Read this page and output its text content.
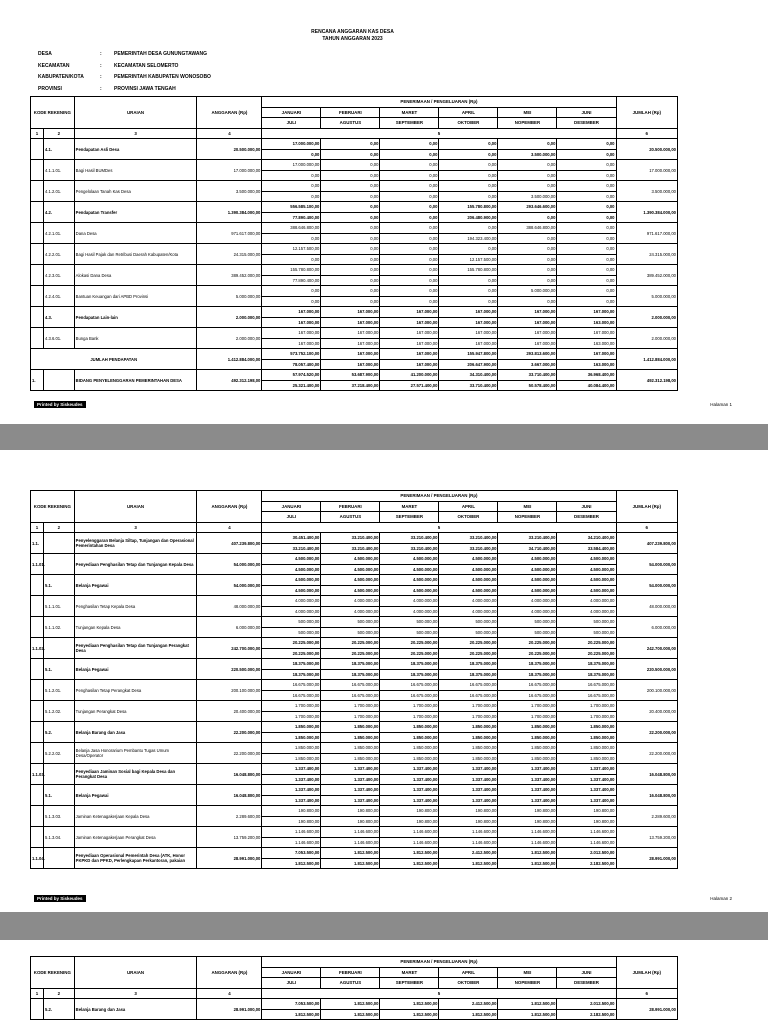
RENCANA ANGGARAN KAS DESA
TAHUN ANGGARAN 2023
DESA	: PEMERINTAH DESA GUNUNGTAWANG
KECAMATAN	: KECAMATAN SELOMERTO
KABUPATEN/KOTA	: PEMERINTAH KABUPATEN WONOSOBO
PROVINSI	: PROVINSI JAWA TENGAH
KODE REKENING		URAIAN	ANGGARAN (Rp)	PENERIMAAN / PENGELUARAN (Rp)						JUMLAH (Rp)
				JANUARI	FEBRUARI	MARET	APRIL	MEI	JUNI	
				JULI	AGUSTUS	SEPTEMBER	OKTOBER	NOPEMBER	DESEMBER	
1	2	3	4	5						6
	4.1.	Pendapatan Asli Desa	20.500.000,00	17.000.000,00	0,00	0,00	0,00	0,00	0,00	20.500.000,00
				0,00	0,00	0,00	0,00	3.500.000,00	0,00	
	4.1.1.01.	Bagi Hasil BUMDes	17.000.000,00	17.000.000,00	0,00	0,00	0,00	0,00	0,00	17.000.000,00
				0,00	0,00	0,00	0,00	0,00	0,00	
	4.1.2.01.	Pengelolaan Tanah Kas Desa	3.500.000,00	0,00	0,00	0,00	0,00	0,00	0,00	3.500.000,00
				0,00	0,00	0,00	0,00	3.500.000,00	0,00	
	4.2.	Pendapatan Transfer	1.390.384.000,00	556.585.100,00	0,00	0,00	155.780.800,00	293.646.600,00	0,00	1.390.384.000,00
				77.890.400,00	0,00	0,00	206.480.900,00	0,00	0,00	
	4.2.1.01.	Dana Desa	971.617.000,00	388.646.800,00	0,00	0,00	0,00	388.646.800,00	0,00	971.617.000,00
				0,00	0,00	0,00	194.323.400,00	0,00	0,00	
	4.2.2.01.	Bagi Hasil Pajak dan Retribusi Daerah Kabupaten/Kota	24.315.000,00	12.157.500,00	0,00	0,00	0,00	0,00	0,00	24.315.000,00
				0,00	0,00	0,00	12.157.500,00	0,00	0,00	
	4.2.3.01.	Alokasi Dana Desa	389.452.000,00	155.780.800,00	0,00	0,00	155.780.800,00	0,00	0,00	389.452.000,00
				77.890.400,00	0,00	0,00	0,00	0,00	0,00	
	4.2.4.01.	Bantuan Keuangan dari APBD Provinsi	5.000.000,00	0,00	0,00	0,00	0,00	5.000.000,00	0,00	5.000.000,00
				0,00	0,00	0,00	0,00	0,00	0,00	
	4.3.	Pendapatan Lain-lain	2.000.000,00	167.000,00	167.000,00	167.000,00	167.000,00	167.000,00	167.000,00	2.000.000,00
				167.000,00	167.000,00	167.000,00	167.000,00	167.000,00	163.000,00	
	4.3.6.01.	Bunga Bank	2.000.000,00	167.000,00	167.000,00	167.000,00	167.000,00	167.000,00	167.000,00	2.000.000,00
				167.000,00	167.000,00	167.000,00	167.000,00	167.000,00	163.000,00	
JUMLAH PENDAPATAN			1.412.884.000,00	573.752.100,00	167.000,00	167.000,00	155.947.800,00	293.813.600,00	167.000,00	1.412.884.000,00
				78.057.400,00	167.000,00	167.000,00	206.647.900,00	3.667.000,00	163.000,00	
1.		BIDANG PENYELENGGARAN PEMERINTAHAN DESA	492.312.198,00	57.974.520,00	53.687.900,00	41.200.000,00	34.310.400,00	33.710.400,00	36.968.400,00	492.312.198,00
				25.321.400,00	37.218.400,00	27.571.400,00	33.710.400,00	50.578.400,00	40.084.400,00	
Printed by Siskeudes	Halaman 1
KODE REKENING		URAIAN	ANGGARAN (Rp)	PENERIMAAN / PENGELUARAN (Rp)						JUMLAH (Rp)
				JANUARI	FEBRUARI	MARET	APRIL	MEI	JUNI	
				JULI	AGUSTUS	SEPTEMBER	OKTOBER	NOPEMBER	DESEMBER	
1	2	3	4	5						6
1.1.		Penyelenggaran Belanja Siltap, Tunjangan dan Operasional Pemerintahan Desa	407.239.800,00	30.451.400,00	33.210.400,00	33.210.400,00	33.210.400,00	33.210.400,00	34.210.400,00	407.239.800,00
				33.210.400,00	33.210.400,00	33.210.400,00	33.210.400,00	34.710.400,00	33.584.400,00	
1.1.01.		Penyediaan Penghasilan Tetap dan Tunjangan Kepala Desa	54.000.000,00	4.500.000,00	4.500.000,00	4.500.000,00	4.500.000,00	4.500.000,00	4.500.000,00	54.000.000,00
				4.500.000,00	4.500.000,00	4.500.000,00	4.500.000,00	4.500.000,00	4.500.000,00	
	5.1.	Belanja Pegawai	54.000.000,00	4.500.000,00	4.500.000,00	4.500.000,00	4.500.000,00	4.500.000,00	4.500.000,00	54.000.000,00
				4.500.000,00	4.500.000,00	4.500.000,00	4.500.000,00	4.500.000,00	4.500.000,00	
	5.1.1.01.	Penghasilan Tetap Kepala Desa	48.000.000,00	4.000.000,00	4.000.000,00	4.000.000,00	4.000.000,00	4.000.000,00	4.000.000,00	48.000.000,00
				4.000.000,00	4.000.000,00	4.000.000,00	4.000.000,00	4.000.000,00	4.000.000,00	
	5.1.1.02.	Tunjangan Kepala Desa	6.000.000,00	500.000,00	500.000,00	500.000,00	500.000,00	500.000,00	500.000,00	6.000.000,00
				500.000,00	500.000,00	500.000,00	500.000,00	500.000,00	500.000,00	
1.1.02.		Penyediaan Penghasilan Tetap dan Tunjangan Perangkat Desa	242.700.000,00	20.225.000,00	20.225.000,00	20.225.000,00	20.225.000,00	20.225.000,00	20.225.000,00	242.700.000,00
				20.225.000,00	20.225.000,00	20.225.000,00	20.225.000,00	20.225.000,00	20.225.000,00	
	5.1.	Belanja Pegawai	220.500.000,00	18.375.000,00	18.375.000,00	18.375.000,00	18.375.000,00	18.375.000,00	18.375.000,00	220.500.000,00
				18.375.000,00	18.375.000,00	18.375.000,00	18.375.000,00	18.375.000,00	18.375.000,00	
	5.1.2.01.	Penghasilan Tetap Perangkat Desa	200.100.000,00	16.675.000,00	16.675.000,00	16.675.000,00	16.675.000,00	16.675.000,00	16.675.000,00	200.100.000,00
				16.675.000,00	16.675.000,00	16.675.000,00	16.675.000,00	16.675.000,00	16.675.000,00	
	5.1.2.02.	Tunjangan Perangkat Desa	20.400.000,00	1.700.000,00	1.700.000,00	1.700.000,00	1.700.000,00	1.700.000,00	1.700.000,00	20.400.000,00
				1.700.000,00	1.700.000,00	1.700.000,00	1.700.000,00	1.700.000,00	1.700.000,00	
	5.2.	Belanja Barang dan Jasa	22.200.000,00	1.850.000,00	1.850.000,00	1.850.000,00	1.850.000,00	1.850.000,00	1.850.000,00	22.200.000,00
				1.850.000,00	1.850.000,00	1.850.000,00	1.850.000,00	1.850.000,00	1.850.000,00	
	5.2.2.02.	Belanja Jasa Honorarium Pembantu Tugas Umum Desa/Operator	22.200.000,00	1.850.000,00	1.850.000,00	1.850.000,00	1.850.000,00	1.850.000,00	1.850.000,00	22.200.000,00
				1.850.000,00	1.850.000,00	1.850.000,00	1.850.000,00	1.850.000,00	1.850.000,00	
1.1.03.		Penyediaan Jaminan Sosial bagi Kepala Desa dan Perangkat Desa	16.048.800,00	1.337.400,00	1.337.400,00	1.337.400,00	1.337.400,00	1.337.400,00	1.337.400,00	16.048.800,00
				1.337.400,00	1.337.400,00	1.337.400,00	1.337.400,00	1.337.400,00	1.337.400,00	
	5.1.	Belanja Pegawai	16.048.800,00	1.337.400,00	1.337.400,00	1.337.400,00	1.337.400,00	1.337.400,00	1.337.400,00	16.048.800,00
				1.337.400,00	1.337.400,00	1.337.400,00	1.337.400,00	1.337.400,00	1.337.400,00	
	5.1.3.03.	Jaminan Ketenagakerjaan Kepala Desa	2.289.600,00	190.800,00	190.800,00	190.800,00	190.800,00	190.800,00	190.800,00	2.289.600,00
				190.800,00	190.800,00	190.800,00	190.800,00	190.800,00	190.800,00	
	5.1.3.04.	Jaminan Ketenagakerjaan Perangkat Desa	13.759.200,00	1.146.600,00	1.146.600,00	1.146.600,00	1.146.600,00	1.146.600,00	1.146.600,00	13.759.200,00
				1.146.600,00	1.146.600,00	1.146.600,00	1.146.600,00	1.146.600,00	1.146.600,00	
1.1.04.		Penyediaan Operasional Pemerintah Desa (ATK, Honor PKPKD dan PPKD, Perlengkapan Perkantoran, pakaian	28.991.000,00	7.053.500,00	1.812.500,00	1.812.500,00	2.412.500,00	1.812.500,00	2.012.500,00	28.991.000,00
				1.812.500,00	1.812.500,00	1.812.500,00	1.812.500,00	1.812.500,00	2.182.500,00	
Printed by Siskeudes	Halaman 2
KODE REKENING		URAIAN	ANGGARAN (Rp)	PENERIMAAN / PENGELUARAN (Rp)						JUMLAH (Rp)
				JANUARI	FEBRUARI	MARET	APRIL	MEI	JUNI	
				JULI	AGUSTUS	SEPTEMBER	OKTOBER	NOPEMBER	DESEMBER	
1	2	3	4	5						6
	5.2.	Belanja Barang dan Jasa	28.991.000,00	7.053.500,00	1.812.500,00	1.812.500,00	2.412.500,00	1.812.500,00	2.012.500,00	28.991.000,00
				1.812.500,00	1.812.500,00	1.812.500,00	1.812.500,00	1.812.500,00	2.182.500,00	
